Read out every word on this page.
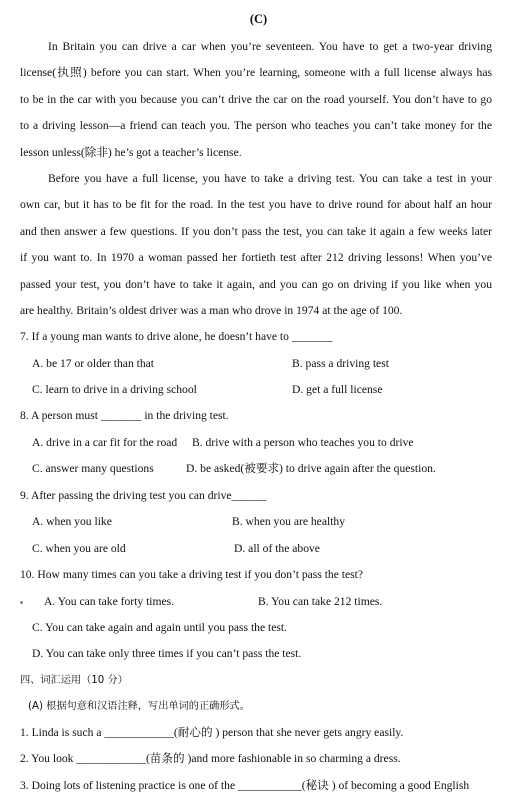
(C)
In Britain you can drive a car when you’re seventeen. You have to get a two-year driving
license(执照) before you can start. When you’re learning, someone with a full license always has
to be in the car with you because you can’t drive the car on the road yourself. You don’t have to go
to a driving lesson—a friend can teach you. The person who teaches you can’t take money for the
lesson unless(除非) he’s got a teacher’s license.
Before you have a full license, you have to take a driving test. You can take a test in your
own car, but it has to be fit for the road. In the test you have to drive round for about half an hour
and then answer a few questions. If you don’t pass the test, you can take it again a few weeks later
if you want to. In 1970 a woman passed her fortieth test after 212 driving lessons! When you’ve
passed your test, you don’t have to take it again, and you can go on driving if you like when you
are healthy. Britain’s oldest driver was a man who drove in 1974 at the age of 100.
7. If a young man wants to drive alone, he doesn’t have to _______
A. be 17 or older than that	B. pass a driving test
C. learn to drive in a driving school	D. get a full license
8. A person must _______ in the driving test.
A. drive in a car fit for the road B. drive with a person who teaches you to drive
C. answer many questions	D. be asked(被要求) to drive again after the question.
9. After passing the driving test you can drive______
A. when you like	B. when you are healthy
C. when you are old	D. all of the above
10. How many times can you take a driving test if you don’t pass the test?
A. You can take forty times.	B. You can take 212 times.
C. You can take again and again until you pass the test.
D. You can take only three times if you can’t pass the test.
四、词汇运用（10 分）
(A) 根据句意和汉语注释，写出单词的正确形式。
1. Linda is such a ____________(耐心的 ) person that she never gets angry easily.
2. You look ____________(苗条的 )and more fashionable in so charming a dress.
3. Doing lots of listening practice is one of the ___________(秘诀 ) of becoming a good English
